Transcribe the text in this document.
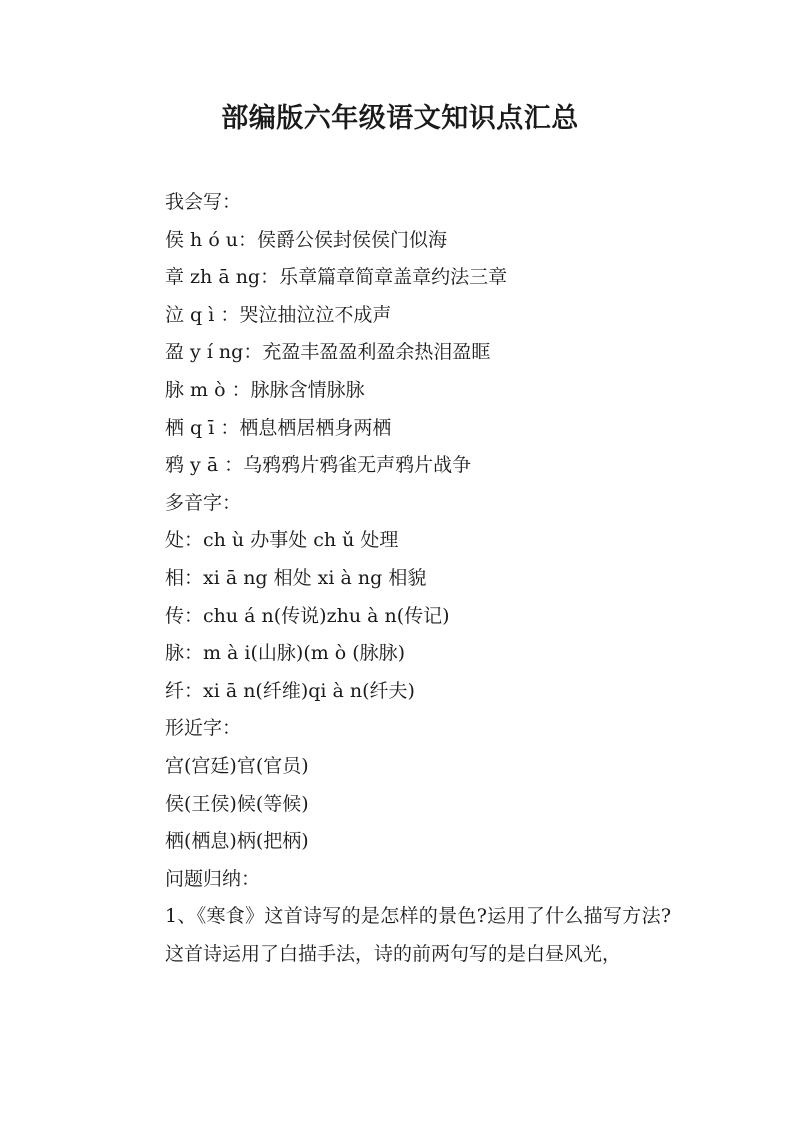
部编版六年级语文知识点汇总

我会写：

侯 h ó u：侯爵公侯封侯侯门似海

章 zh ā ng：乐章篇章简章盖章约法三章

泣 q ì ：哭泣抽泣泣不成声

盈 y í ng：充盈丰盈盈利盈余热泪盈眶

脉 m ò ：脉脉含情脉脉

栖 q ī ：栖息栖居栖身两栖

鸦 y ā ：乌鸦鸦片鸦雀无声鸦片战争

多音字：

处：ch ù 办事处 ch ǔ 处理

相：xi ā ng 相处 xi à ng 相貌

传：chu á n(传说)zhu à n(传记)

脉：m à i(山脉)(m ò (脉脉)

纤：xi ā n(纤维)qi à n(纤夫)

形近字：

宫(宫廷)官(官员)

侯(王侯)候(等候)

栖(栖息)柄(把柄)

问题归纳：

1、《寒食》这首诗写的是怎样的景色?运用了什么描写方法?

这首诗运用了白描手法，诗的前两句写的是白昼风光，
